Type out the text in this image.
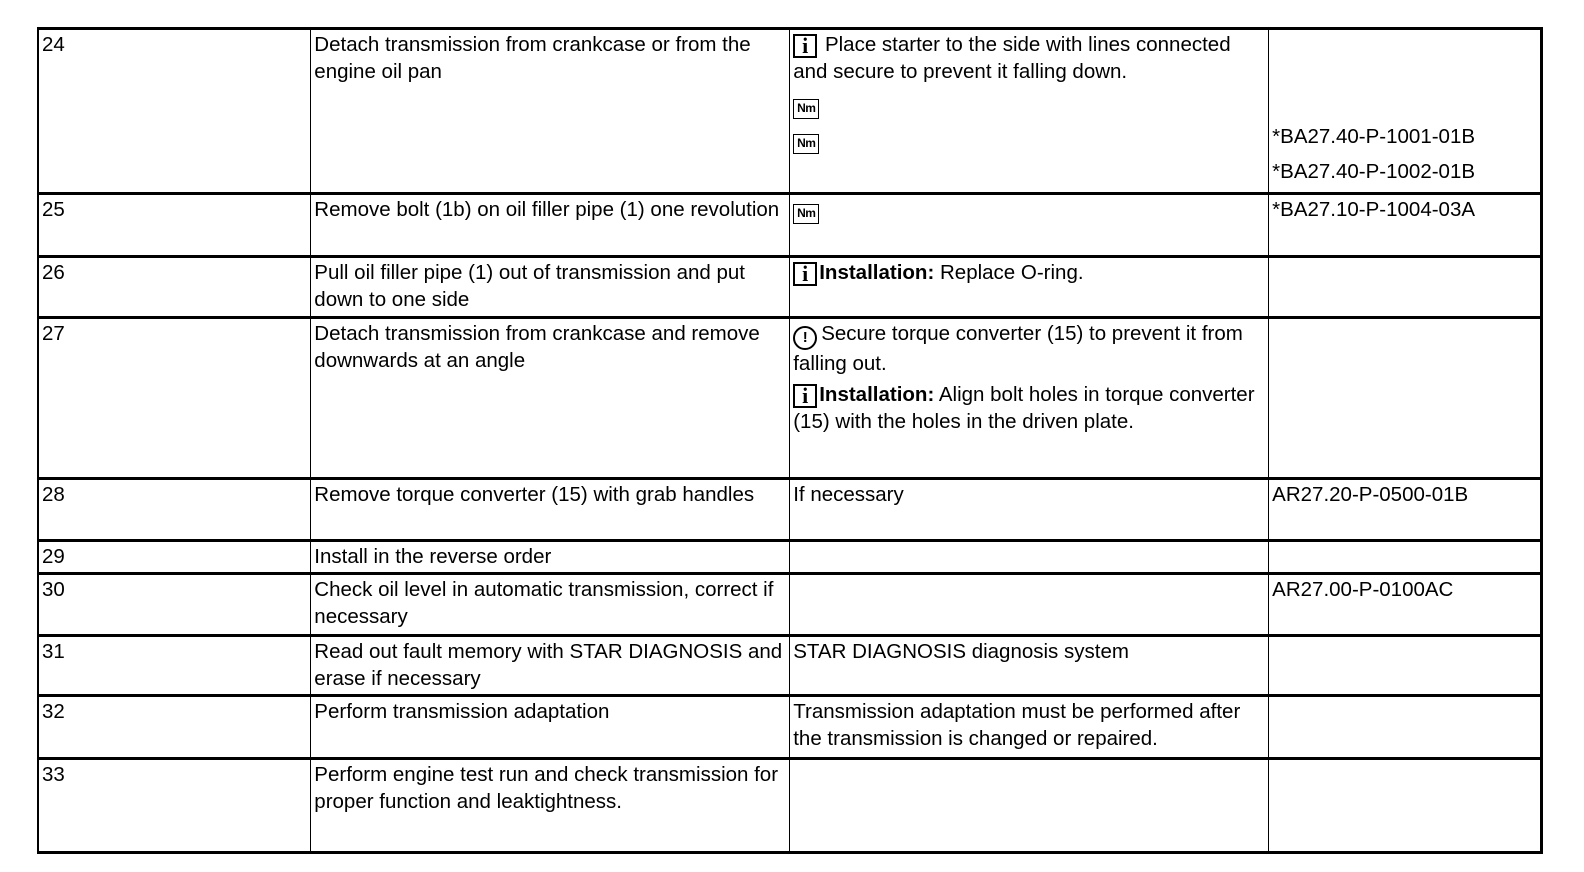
24	Detach transmission from crankcase or from the engine oil pan	i Place starter to the side with lines connected and secure to prevent it falling down.
Nm
Nm	*BA27.40-P-1001-01B
*BA27.40-P-1002-01B

25	Remove bolt (1b) on oil filler pipe (1) one revolution	Nm	*BA27.10-P-1004-03A
26	Pull oil filler pipe (1) out of transmission and put down to one side	i Installation: Replace O-ring.	
27	Detach transmission from crankcase and remove downwards at an angle	! Secure torque converter (15) to prevent it from falling out.
i Installation: Align bolt holes in torque converter (15) with the holes in the driven plate.	

28	Remove torque converter (15) with grab handles	If necessary	AR27.20-P-0500-01B
29	Install in the reverse order		
30	Check oil level in automatic transmission, correct if necessary		AR27.00-P-0100AC
31	Read out fault memory with STAR DIAGNOSIS and erase if necessary	STAR DIAGNOSIS diagnosis system	
32	Perform transmission adaptation	Transmission adaptation must be performed after the transmission is changed or repaired.	
33	Perform engine test run and check transmission for proper function and leaktightness.		
